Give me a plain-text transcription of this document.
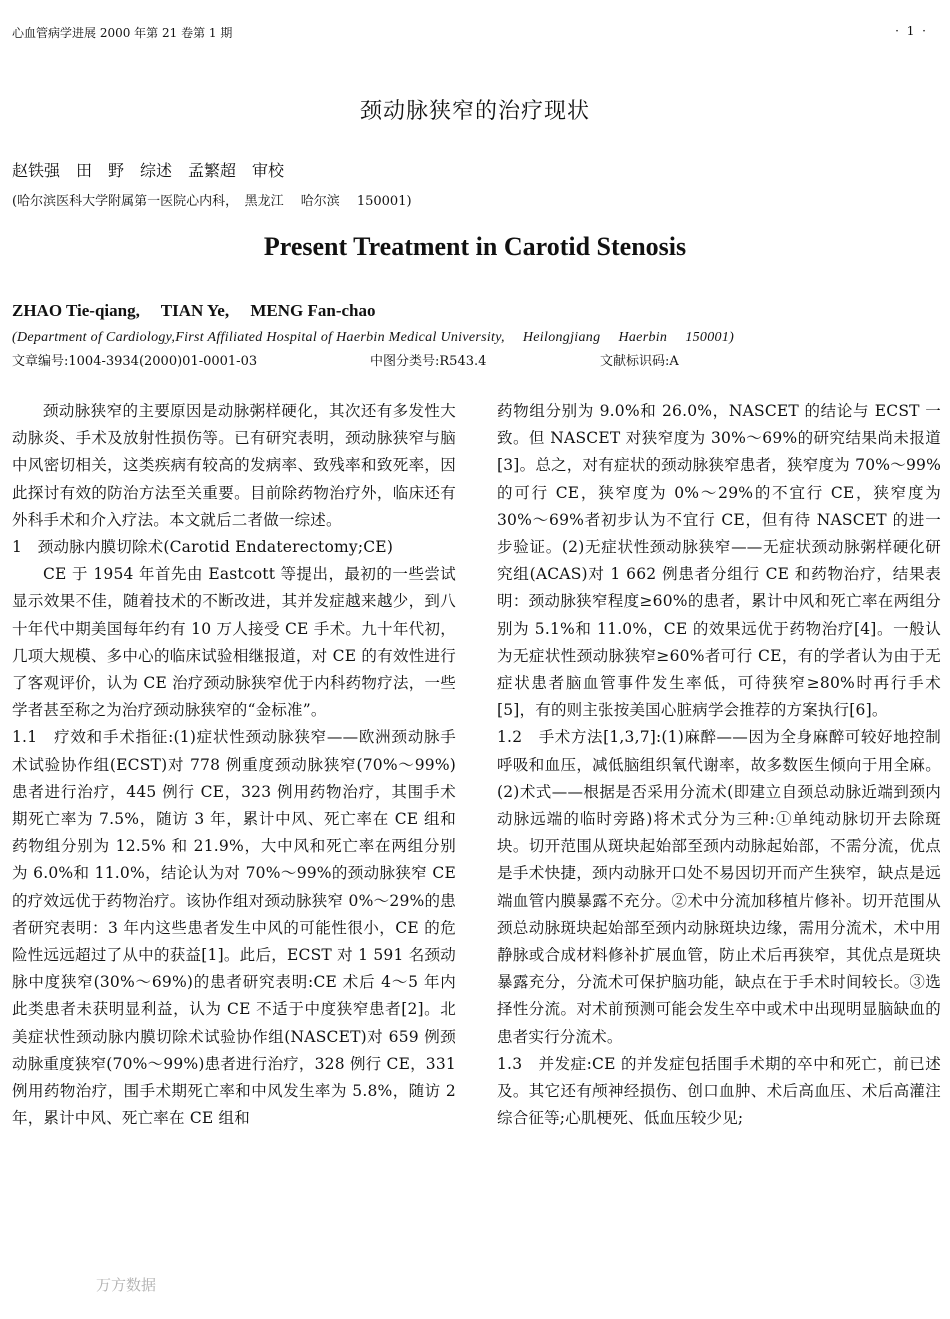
心血管病学进展 2000 年第 21 卷第 1 期	· 1 ·
颈动脉狭窄的治疗现状
赵铁强　田　野　综述　孟繁超　审校
(哈尔滨医科大学附属第一医院心内科，　黑龙江　 哈尔滨　 150001)
Present Treatment in Carotid Stenosis
ZHAO Tie-qiang,　 TIAN Ye,　 MENG Fan-chao
(Department of Cardiology,First Affiliated Hospital of Haerbin Medical University,　 Heilongjiang　 Haerbin　 150001)
文章编号:1004-3934(2000)01-0001-03	中图分类号:R543.4	文献标识码:A

颈动脉狭窄的主要原因是动脉粥样硬化，其次还有多发性大动脉炎、手术及放射性损伤等。已有研究表明，颈动脉狭窄与脑中风密切相关，这类疾病有较高的发病率、致残率和致死率，因此探讨有效的防治方法至关重要。目前除药物治疗外，临床还有外科手术和介入疗法。本文就后二者做一综述。

1　颈动脉内膜切除术(Carotid Endaterectomy;CE)

CE 于 1954 年首先由 Eastcott 等提出，最初的一些尝试显示效果不佳，随着技术的不断改进，其并发症越来越少，到八十年代中期美国每年约有 10 万人接受 CE 手术。九十年代初，几项大规模、多中心的临床试验相继报道，对 CE 的有效性进行了客观评价，认为 CE 治疗颈动脉狭窄优于内科药物疗法，一些学者甚至称之为治疗颈动脉狭窄的“金标准”。

1.1　疗效和手术指征:(1)症状性颈动脉狭窄——欧洲颈动脉手术试验协作组(ECST)对 778 例重度颈动脉狭窄(70%～99%)患者进行治疗，445 例行 CE，323 例用药物治疗，其围手术期死亡率为 7.5%，随访 3 年，累计中风、死亡率在 CE 组和药物组分别为 12.5% 和 21.9%，大中风和死亡率在两组分别为 6.0%和 11.0%，结论认为对 70%～99%的颈动脉狭窄 CE 的疗效远优于药物治疗。该协作组对颈动脉狭窄 0%～29%的患者研究表明：3 年内这些患者发生中风的可能性很小，CE 的危险性远远超过了从中的获益[1]。此后，ECST 对 1 591 名颈动脉中度狭窄(30%～69%)的患者研究表明:CE 术后 4～5 年内此类患者未获明显利益，认为 CE 不适于中度狭窄患者[2]。北美症状性颈动脉内膜切除术试验协作组(NASCET)对 659 例颈动脉重度狭窄(70%～99%)患者进行治疗，328 例行 CE，331 例用药物治疗，围手术期死亡率和中风发生率为 5.8%，随访 2 年，累计中风、死亡率在 CE 组和

药物组分别为 9.0%和 26.0%，NASCET 的结论与 ECST 一致。但 NASCET 对狭窄度为 30%～69%的研究结果尚未报道[3]。总之，对有症状的颈动脉狭窄患者，狭窄度为 70%～99%的可行 CE，狭窄度为 0%～29%的不宜行 CE，狭窄度为 30%～69%者初步认为不宜行 CE，但有待 NASCET 的进一步验证。(2)无症状性颈动脉狭窄——无症状颈动脉粥样硬化研究组(ACAS)对 1 662 例患者分组行 CE 和药物治疗，结果表明：颈动脉狭窄程度≥60%的患者，累计中风和死亡率在两组分别为 5.1%和 11.0%，CE 的效果远优于药物治疗[4]。一般认为无症状性颈动脉狭窄≥60%者可行 CE，有的学者认为由于无症状患者脑血管事件发生率低，可待狭窄≥80%时再行手术[5]，有的则主张按美国心脏病学会推荐的方案执行[6]。

1.2　手术方法[1,3,7]:(1)麻醉——因为全身麻醉可较好地控制呼吸和血压，减低脑组织氧代谢率，故多数医生倾向于用全麻。(2)术式——根据是否采用分流术(即建立自颈总动脉近端到颈内动脉远端的临时旁路)将术式分为三种:①单纯动脉切开去除斑块。切开范围从斑块起始部至颈内动脉起始部，不需分流，优点是手术快捷，颈内动脉开口处不易因切开而产生狭窄，缺点是远端血管内膜暴露不充分。②术中分流加移植片修补。切开范围从颈总动脉斑块起始部至颈内动脉斑块边缘，需用分流术，术中用静脉或合成材料修补扩展血管，防止术后再狭窄，其优点是斑块暴露充分，分流术可保护脑功能，缺点在于手术时间较长。③选择性分流。对术前预测可能会发生卒中或术中出现明显脑缺血的患者实行分流术。

1.3　并发症:CE 的并发症包括围手术期的卒中和死亡，前已述及。其它还有颅神经损伤、创口血肿、术后高血压、术后高灌注综合征等;心肌梗死、低血压较少见;

万方数据
